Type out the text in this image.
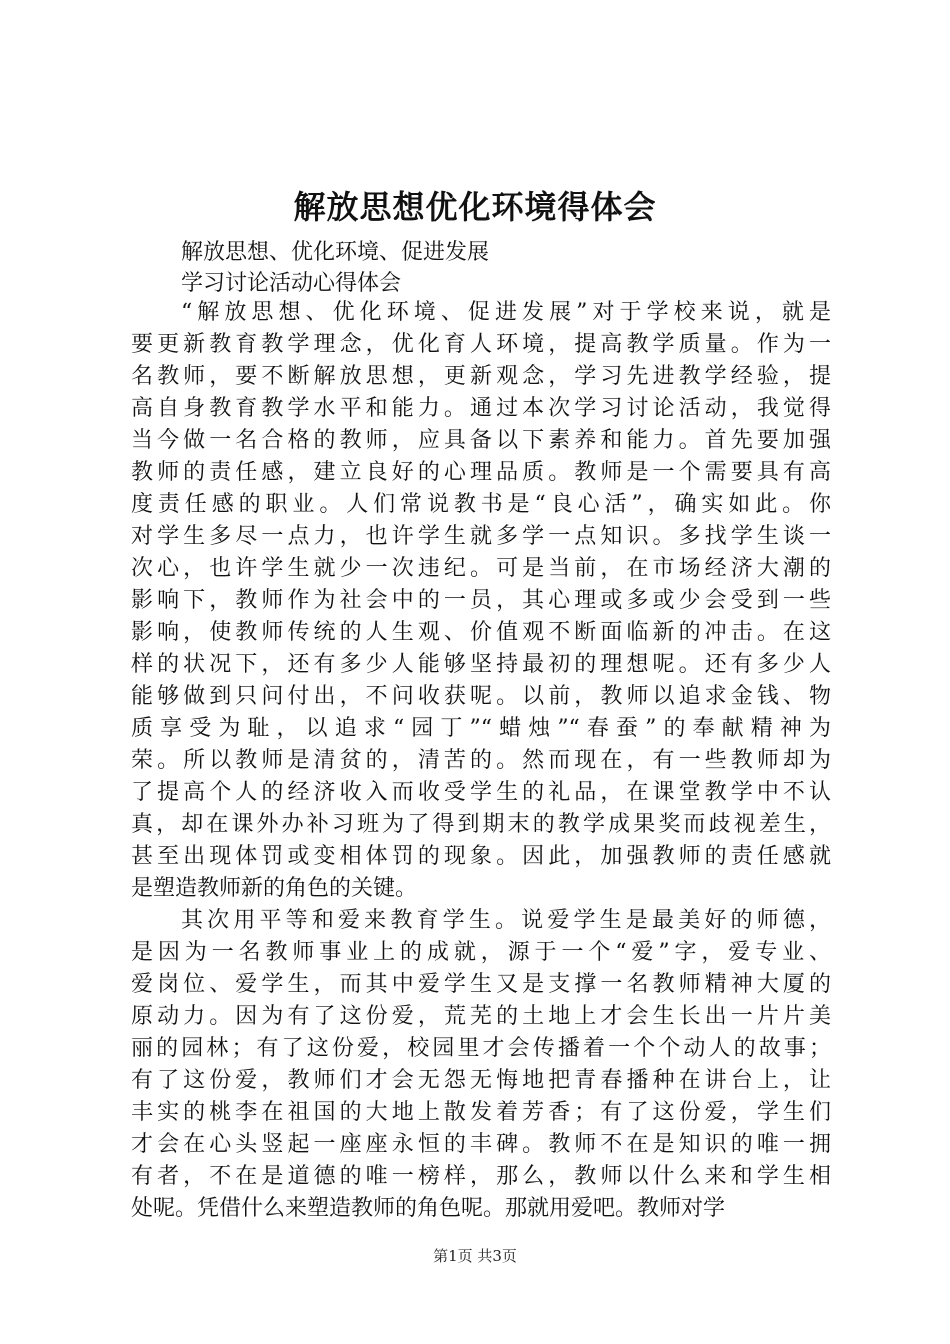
解放思想优化环境得体会
解放思想、优化环境、促进发展
学习讨论活动心得体会
“解放思想、优化环境、促进发展”对于学校来说，就是
要更新教育教学理念，优化育人环境，提高教学质量。作为一
名教师，要不断解放思想，更新观念，学习先进教学经验，提
高自身教育教学水平和能力。通过本次学习讨论活动，我觉得
当今做一名合格的教师，应具备以下素养和能力。首先要加强
教师的责任感，建立良好的心理品质。教师是一个需要具有高
度责任感的职业。人们常说教书是“良心活”，确实如此。你
对学生多尽一点力，也许学生就多学一点知识。多找学生谈一
次心，也许学生就少一次违纪。可是当前，在市场经济大潮的
影响下，教师作为社会中的一员，其心理或多或少会受到一些
影响，使教师传统的人生观、价值观不断面临新的冲击。在这
样的状况下，还有多少人能够坚持最初的理想呢。还有多少人
能够做到只问付出，不问收获呢。以前，教师以追求金钱、物
质享受为耻，以追求“园丁”“蜡烛”“春蚕”的奉献精神为
荣。所以教师是清贫的，清苦的。然而现在，有一些教师却为
了提高个人的经济收入而收受学生的礼品，在课堂教学中不认
真，却在课外办补习班为了得到期末的教学成果奖而歧视差生，
甚至出现体罚或变相体罚的现象。因此，加强教师的责任感就
是塑造教师新的角色的关键。
其次用平等和爱来教育学生。说爱学生是最美好的师德，
是因为一名教师事业上的成就，源于一个“爱”字，爱专业、
爱岗位、爱学生，而其中爱学生又是支撑一名教师精神大厦的
原动力。因为有了这份爱，荒芜的土地上才会生长出一片片美
丽的园林；有了这份爱，校园里才会传播着一个个动人的故事；
有了这份爱，教师们才会无怨无悔地把青春播种在讲台上，让
丰实的桃李在祖国的大地上散发着芳香；有了这份爱，学生们
才会在心头竖起一座座永恒的丰碑。教师不在是知识的唯一拥
有者，不在是道德的唯一榜样，那么，教师以什么来和学生相
处呢。凭借什么来塑造教师的角色呢。那就用爱吧。教师对学
第1页 共3页
